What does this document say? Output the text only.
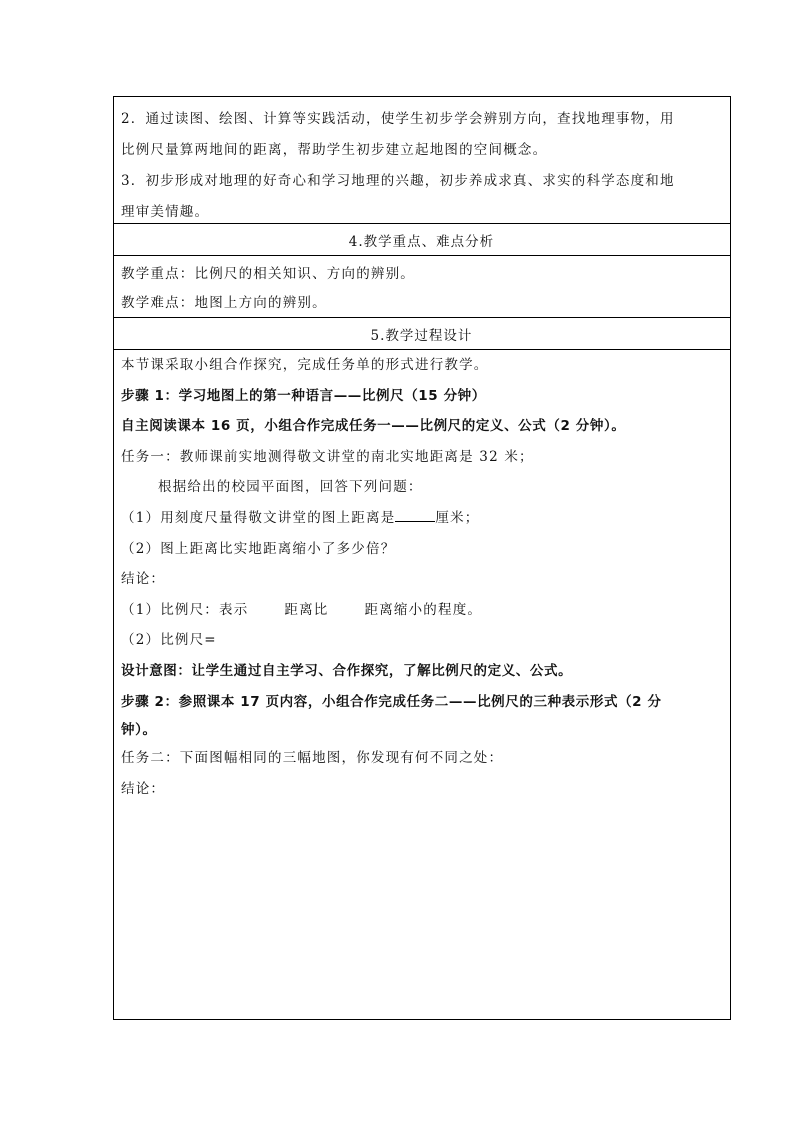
2．通过读图、绘图、计算等实践活动，使学生初步学会辨别方向，查找地理事物，用
比例尺量算两地间的距离，帮助学生初步建立起地图的空间概念。
3．初步形成对地理的好奇心和学习地理的兴趣，初步养成求真、求实的科学态度和地
理审美情趣。
4.教学重点、难点分析
教学重点：比例尺的相关知识、方向的辨别。
教学难点：地图上方向的辨别。
5.教学过程设计
本节课采取小组合作探究，完成任务单的形式进行教学。
步骤 1：学习地图上的第一种语言——比例尺（15 分钟）
自主阅读课本 16 页，小组合作完成任务一——比例尺的定义、公式（2 分钟）。
任务一：教师课前实地测得敬文讲堂的南北实地距离是 32 米；
根据给出的校园平面图，回答下列问题：
（1）用刻度尺量得敬文讲堂的图上距离是	厘米；
（2）图上距离比实地距离缩小了多少倍？
结论：
（1）比例尺：表示	距离比	距离缩小的程度。
（2）比例尺=
设计意图：让学生通过自主学习、合作探究，了解比例尺的定义、公式。
步骤 2：参照课本 17 页内容，小组合作完成任务二——比例尺的三种表示形式（2 分
钟）。
任务二：下面图幅相同的三幅地图，你发现有何不同之处：
结论：
